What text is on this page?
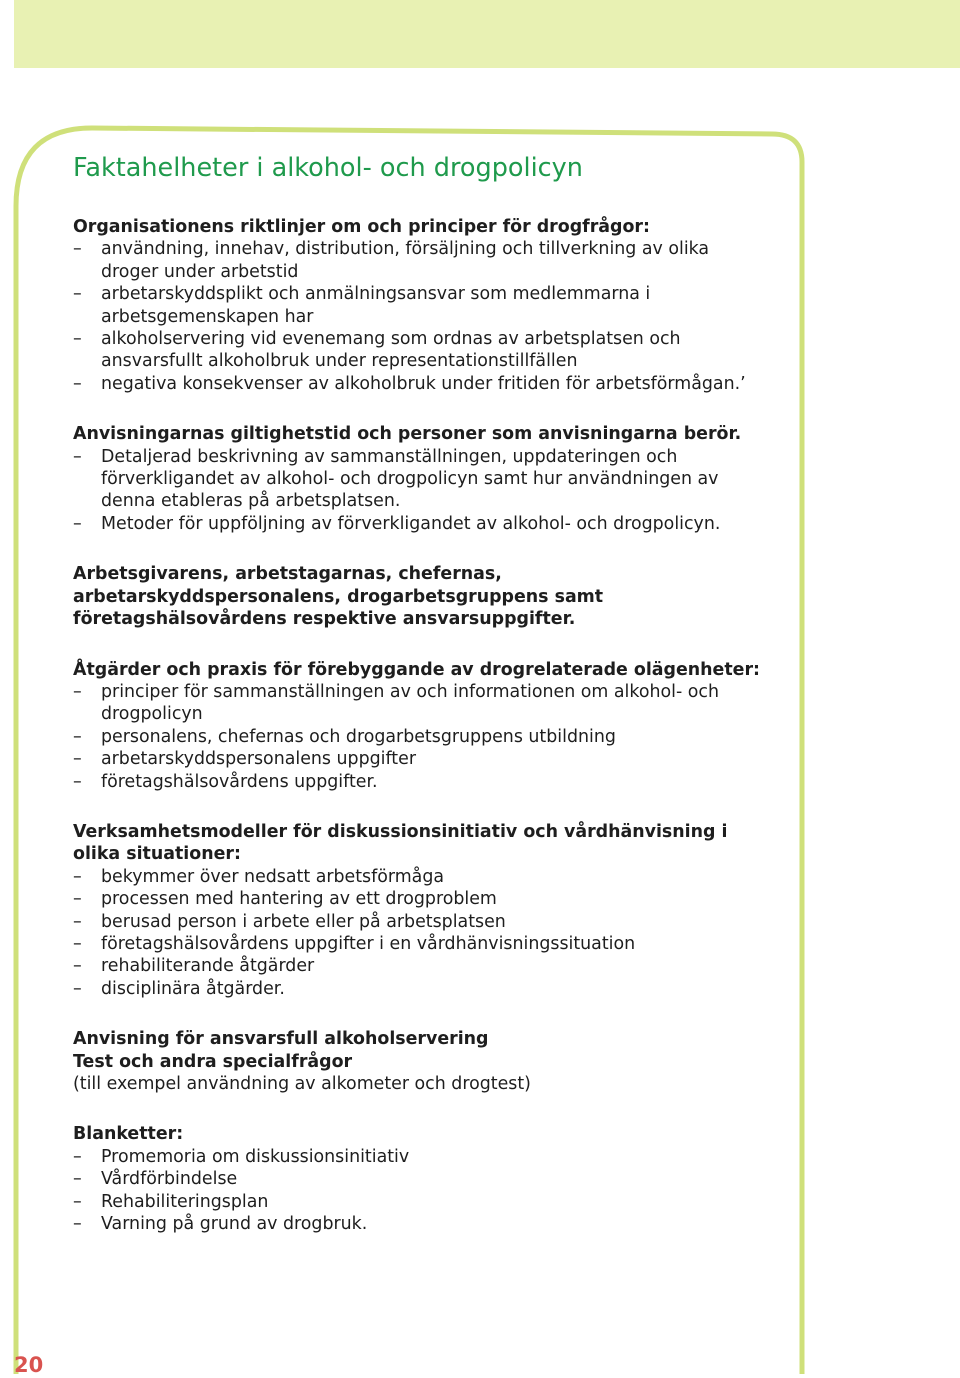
Faktahelheter i alkohol- och drogpolicyn
Organisationens riktlinjer om och principer för drogfrågor:
– användning, innehav, distribution, försäljning och tillverkning av olika droger under arbetstid
– arbetarskyddsplikt och anmälningsansvar som medlemmarna i arbetsgemenskapen har
– alkoholservering vid evenemang som ordnas av arbetsplatsen och ansvarsfullt alkoholbruk under representationstillfällen
– negativa konsekvenser av alkoholbruk under fritiden för arbetsförmågan.’
Anvisningarnas giltighetstid och personer som anvisningarna berör.
– Detaljerad beskrivning av sammanställningen, uppdateringen och förverkligandet av alkohol- och drogpolicyn samt hur användningen av denna etableras på arbetsplatsen.
– Metoder för uppföljning av förverkligandet av alkohol- och drogpolicyn.
Arbetsgivarens, arbetstagarnas, chefernas, arbetarskyddspersonalens, drogarbetsgruppens samt företagshälsovårdens respektive ansvarsuppgifter.
Åtgärder och praxis för förebyggande av drogrelaterade olägenheter:
– principer för sammanställningen av och informationen om alkohol- och drogpolicyn
– personalens, chefernas och drogarbetsgruppens utbildning
– arbetarskyddspersonalens uppgifter
– företagshälsovårdens uppgifter.
Verksamhetsmodeller för diskussionsinitiativ och vårdhänvisning i olika situationer:
– bekymmer över nedsatt arbetsförmåga
– processen med hantering av ett drogproblem
– berusad person i arbete eller på arbetsplatsen
– företagshälsovårdens uppgifter i en vårdhänvisningssituation
– rehabiliterande åtgärder
– disciplinära åtgärder.
Anvisning för ansvarsfull alkoholservering
Test och andra specialfrågor

(till exempel användning av alkometer och drogtest)

Blanketter:
– Promemoria om diskussionsinitiativ
– Vårdförbindelse
– Rehabiliteringsplan
– Varning på grund av drogbruk.
20
